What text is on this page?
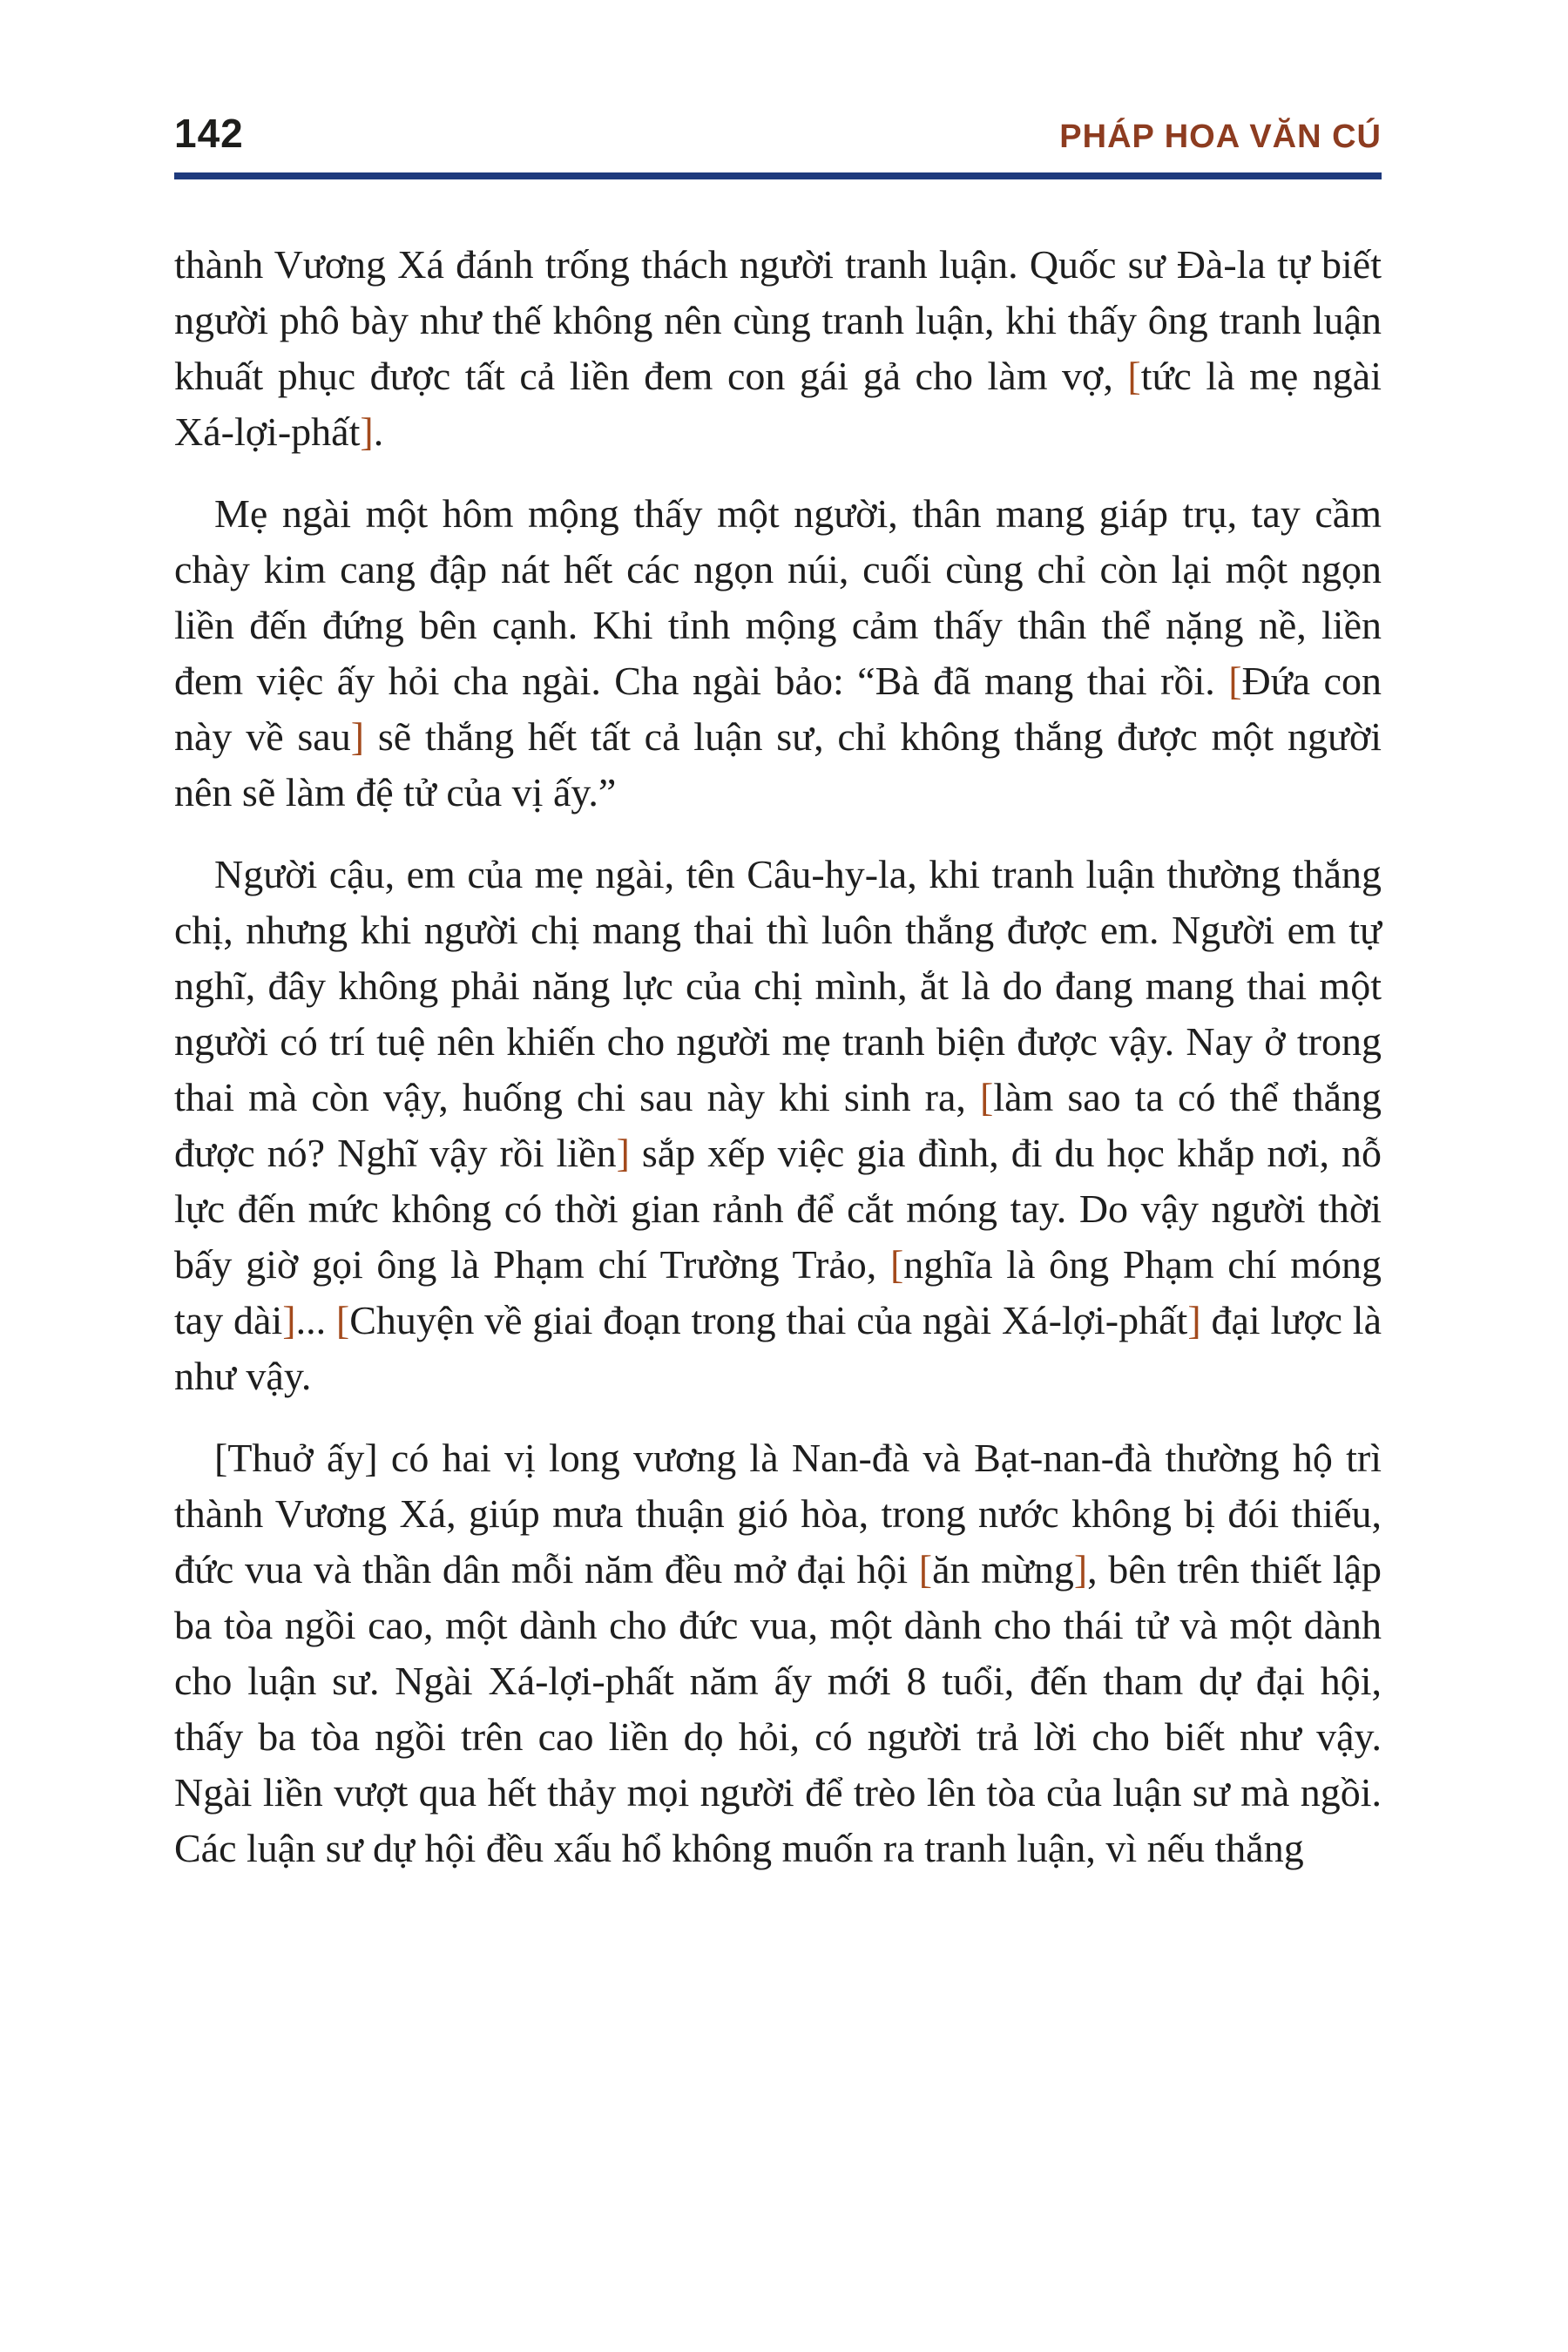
142	PHÁP HOA VĂN CÚ

thành Vương Xá đánh trống thách người tranh luận. Quốc sư Đà-la tự biết người phô bày như thế không nên cùng tranh luận, khi thấy ông tranh luận khuất phục được tất cả liền đem con gái gả cho làm vợ, [tức là mẹ ngài Xá-lợi-phất].

Mẹ ngài một hôm mộng thấy một người, thân mang giáp trụ, tay cầm chày kim cang đập nát hết các ngọn núi, cuối cùng chỉ còn lại một ngọn liền đến đứng bên cạnh. Khi tỉnh mộng cảm thấy thân thể nặng nề, liền đem việc ấy hỏi cha ngài. Cha ngài bảo: “Bà đã mang thai rồi. [Đứa con này về sau] sẽ thắng hết tất cả luận sư, chỉ không thắng được một người nên sẽ làm đệ tử của vị ấy.”

Người cậu, em của mẹ ngài, tên Câu-hy-la, khi tranh luận thường thắng chị, nhưng khi người chị mang thai thì luôn thắng được em. Người em tự nghĩ, đây không phải năng lực của chị mình, ắt là do đang mang thai một người có trí tuệ nên khiến cho người mẹ tranh biện được vậy. Nay ở trong thai mà còn vậy, huống chi sau này khi sinh ra, [làm sao ta có thể thắng được nó? Nghĩ vậy rồi liền] sắp xếp việc gia đình, đi du học khắp nơi, nỗ lực đến mức không có thời gian rảnh để cắt móng tay. Do vậy người thời bấy giờ gọi ông là Phạm chí Trường Trảo, [nghĩa là ông Phạm chí móng tay dài]... [Chuyện về giai đoạn trong thai của ngài Xá-lợi-phất] đại lược là như vậy.

[Thuở ấy] có hai vị long vương là Nan-đà và Bạt-nan-đà thường hộ trì thành Vương Xá, giúp mưa thuận gió hòa, trong nước không bị đói thiếu, đức vua và thần dân mỗi năm đều mở đại hội [ăn mừng], bên trên thiết lập ba tòa ngồi cao, một dành cho đức vua, một dành cho thái tử và một dành cho luận sư. Ngài Xá-lợi-phất năm ấy mới 8 tuổi, đến tham dự đại hội, thấy ba tòa ngồi trên cao liền dọ hỏi, có người trả lời cho biết như vậy. Ngài liền vượt qua hết thảy mọi người để trèo lên tòa của luận sư mà ngồi. Các luận sư dự hội đều xấu hổ không muốn ra tranh luận, vì nếu thắng
